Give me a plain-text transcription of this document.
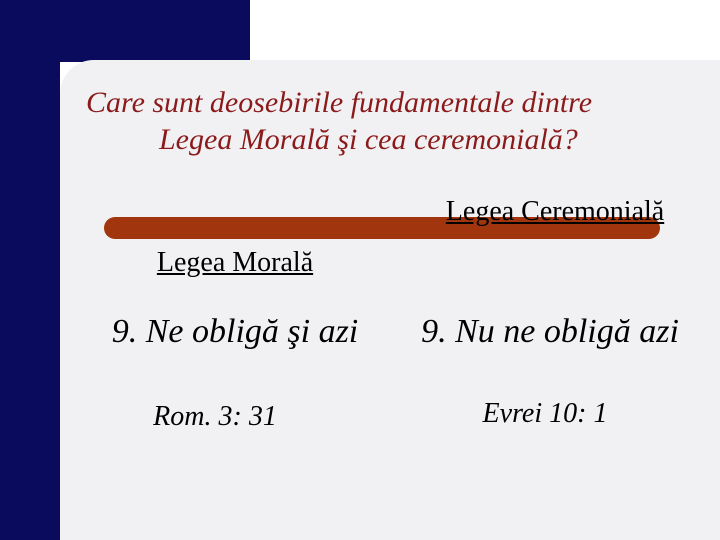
Care sunt deosebirile fundamentale dintre
Legea Morală şi cea ceremonială?
Legea Morală
Legea Ceremonială
9. Ne obligă şi azi	9. Nu ne obligă azi
Rom. 3: 31	Evrei 10: 1
